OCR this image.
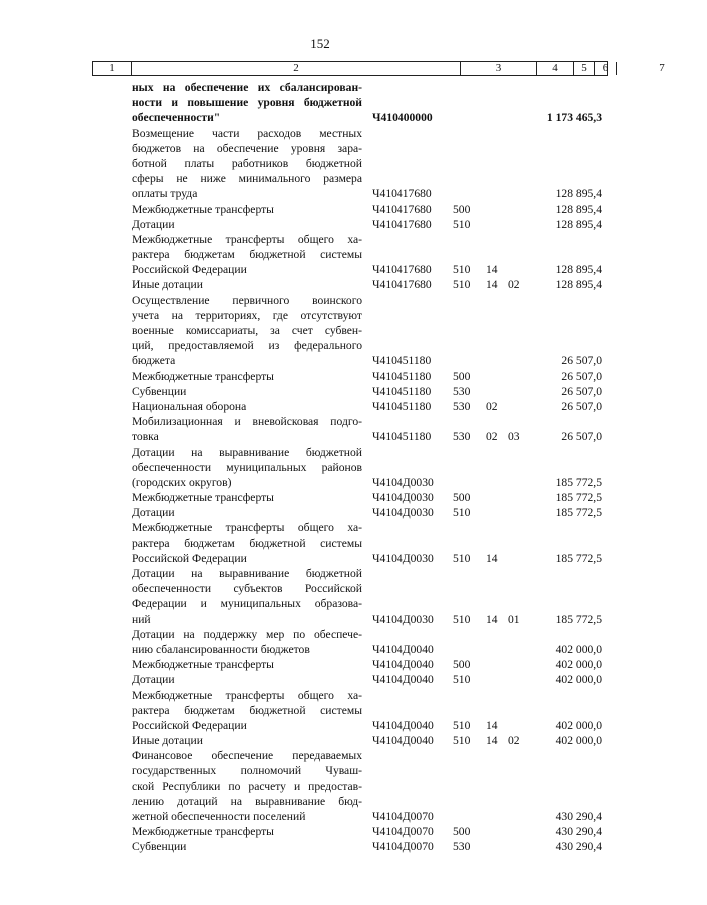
152
1	2	3	4	5	6	7
ных на обеспечение их сбалансирован-
ности и повышение уровня бюджетной
обеспеченности"	Ч410400000	1 173 465,3
Возмещение части расходов местных
бюджетов на обеспечение уровня зара-
ботной платы работников бюджетной
сферы не ниже минимального размера
оплаты труда	Ч410417680	128 895,4
Межбюджетные трансферты	Ч410417680	500	128 895,4
Дотации	Ч410417680	510	128 895,4
Межбюджетные трансферты общего ха-
рактера бюджетам бюджетной системы
Российской Федерации	Ч410417680	510	14	128 895,4
Иные дотации	Ч410417680	510	14 02	128 895,4
Осуществление первичного воинского
учета на территориях, где отсутствуют
военные комиссариаты, за счет субвен-
ций, предоставляемой из федерального
бюджета	Ч410451180	26 507,0
Межбюджетные трансферты	Ч410451180	500	26 507,0
Субвенции	Ч410451180	530	26 507,0
Национальная оборона	Ч410451180	530	02	26 507,0
Мобилизационная и вневойсковая подго-
товка	Ч410451180	530	02 03	26 507,0
Дотации на выравнивание бюджетной
обеспеченности муниципальных районов
(городских округов)	Ч4104Д0030	185 772,5
Межбюджетные трансферты	Ч4104Д0030	500	185 772,5
Дотации	Ч4104Д0030	510	185 772,5
Межбюджетные трансферты общего ха-
рактера бюджетам бюджетной системы
Российской Федерации	Ч4104Д0030	510	14	185 772,5
Дотации на выравнивание бюджетной
обеспеченности субъектов Российской
Федерации и муниципальных образова-
ний	Ч4104Д0030	510	14 01	185 772,5
Дотации на поддержку мер по обеспече-
нию сбалансированности бюджетов	Ч4104Д0040	402 000,0
Межбюджетные трансферты	Ч4104Д0040	500	402 000,0
Дотации	Ч4104Д0040	510	402 000,0
Межбюджетные трансферты общего ха-
рактера бюджетам бюджетной системы
Российской Федерации	Ч4104Д0040	510	14	402 000,0
Иные дотации	Ч4104Д0040	510	14 02	402 000,0
Финансовое обеспечение передаваемых
государственных полномочий Чуваш-
ской Республики по расчету и предостав-
лению дотаций на выравнивание бюд-
жетной обеспеченности поселений	Ч4104Д0070	430 290,4
Межбюджетные трансферты	Ч4104Д0070	500	430 290,4
Субвенции	Ч4104Д0070	530	430 290,4
